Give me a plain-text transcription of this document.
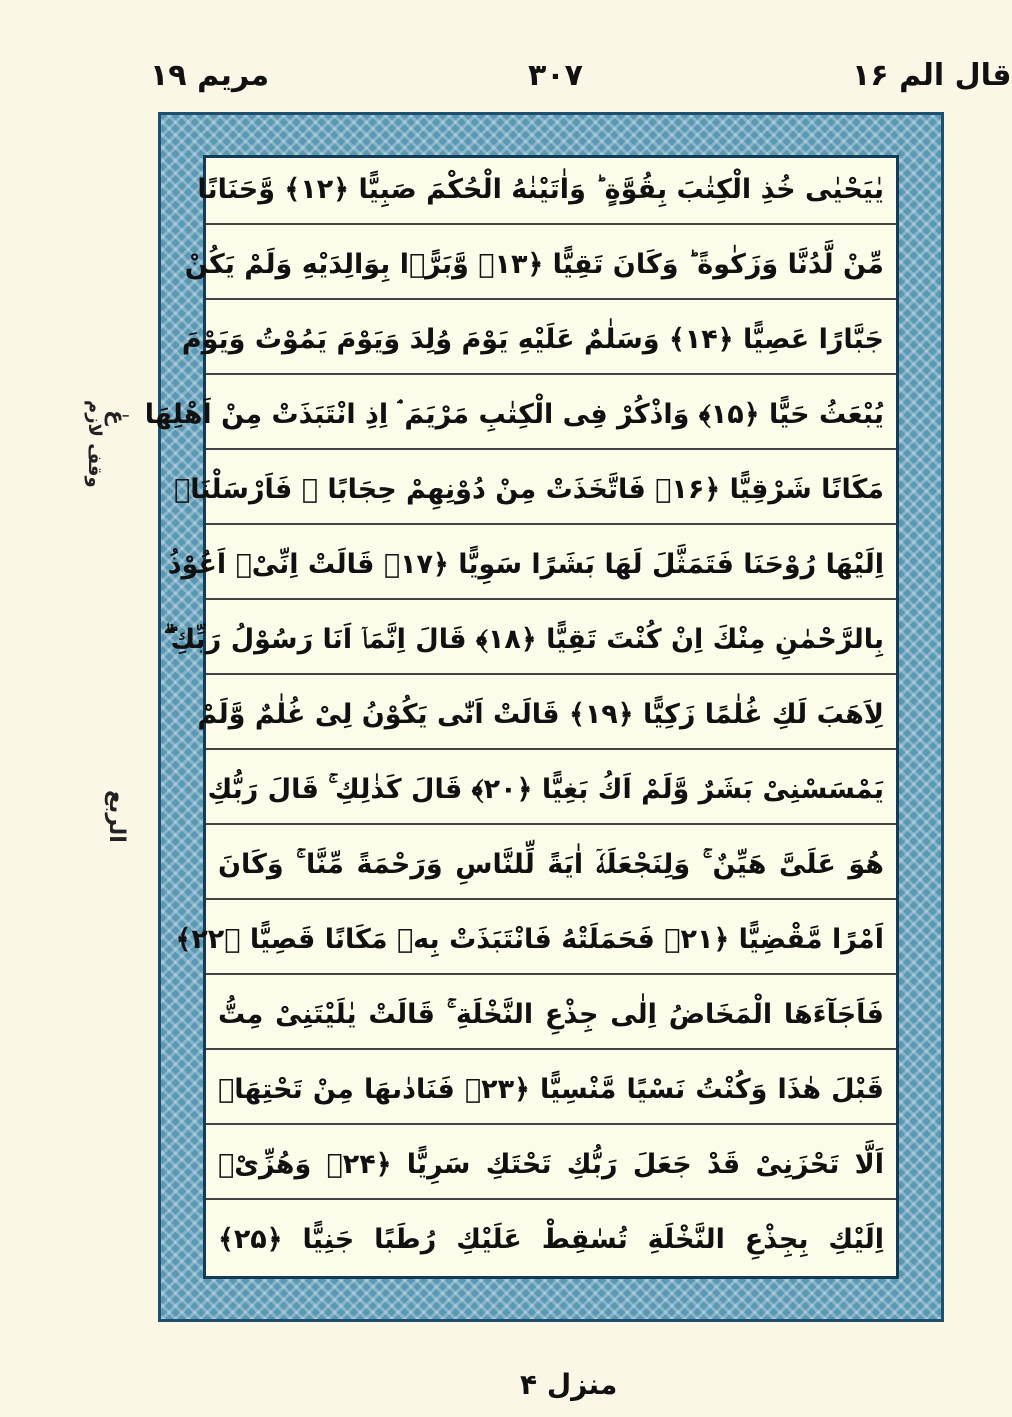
مریم ۱۹	۳۰۷	قال الم ۱۶
عٰ
وقف لازم
الربع
یٰیَحْیٰی خُذِ الْكِتٰبَ بِقُوَّةٍ ؕ وَاٰتَیْنٰهُ الْحُكْمَ صَبِیًّا ﴿۱۲﴾ وَّحَنَانًا
مِّنْ لَّدُنَّا وَزَكٰوةً ؕ وَكَانَ تَقِیًّا ﴿۱۳﴾ وَّبَرًّۢا بِوَالِدَیْهِ وَلَمْ یَكُنْ
جَبَّارًا عَصِیًّا ﴿۱۴﴾ وَسَلٰمٌ عَلَیْهِ یَوْمَ وُلِدَ وَیَوْمَ یَمُوْتُ وَیَوْمَ
یُبْعَثُ حَیًّا ﴿۱۵﴾ وَاذْكُرْ فِی الْكِتٰبِ مَرْیَمَ ۘ اِذِ انْتَبَذَتْ مِنْ اَهْلِهَا
مَكَانًا شَرْقِیًّا ﴿۱۶﴾ فَاتَّخَذَتْ مِنْ دُوْنِهِمْ حِجَابًا ۫ فَاَرْسَلْنَاۤ
اِلَیْهَا رُوْحَنَا فَتَمَثَّلَ لَهَا بَشَرًا سَوِیًّا ﴿۱۷﴾ قَالَتْ اِنِّیْۤ اَعُوْذُ
بِالرَّحْمٰنِ مِنْكَ اِنْ كُنْتَ تَقِیًّا ﴿۱۸﴾ قَالَ اِنَّمَاۤ اَنَا رَسُوْلُ رَبِّكِ ۖۗ
لِاَهَبَ لَكِ غُلٰمًا زَكِیًّا ﴿۱۹﴾ قَالَتْ اَنّٰی یَكُوْنُ لِیْ غُلٰمٌ وَّلَمْ
یَمْسَسْنِیْ بَشَرٌ وَّلَمْ اَكُ بَغِیًّا ﴿۲۰﴾ قَالَ كَذٰلِكِ ۚ قَالَ رَبُّكِ
هُوَ عَلَیَّ هَیِّنٌ ۚ وَلِنَجْعَلَهٗۤ اٰیَةً لِّلنَّاسِ وَرَحْمَةً مِّنَّا ۚ وَكَانَ
اَمْرًا مَّقْضِیًّا ﴿۲۱﴾ فَحَمَلَتْهُ فَانْتَبَذَتْ بِهٖ مَكَانًا قَصِیًّا ﴿۲۲﴾
فَاَجَآءَهَا الْمَخَاضُ اِلٰی جِذْعِ النَّخْلَةِ ۚ قَالَتْ یٰلَیْتَنِیْ مِتُّ
قَبْلَ هٰذَا وَكُنْتُ نَسْیًا مَّنْسِیًّا ﴿۲۳﴾ فَنَادٰىهَا مِنْ تَحْتِهَاۤ
اَلَّا تَحْزَنِیْ قَدْ جَعَلَ رَبُّكِ تَحْتَكِ سَرِیًّا ﴿۲۴﴾ وَهُزِّیْۤ
اِلَیْكِ بِجِذْعِ النَّخْلَةِ تُسٰقِطْ عَلَیْكِ رُطَبًا جَنِیًّا ﴿۲۵﴾
منزل ۴
